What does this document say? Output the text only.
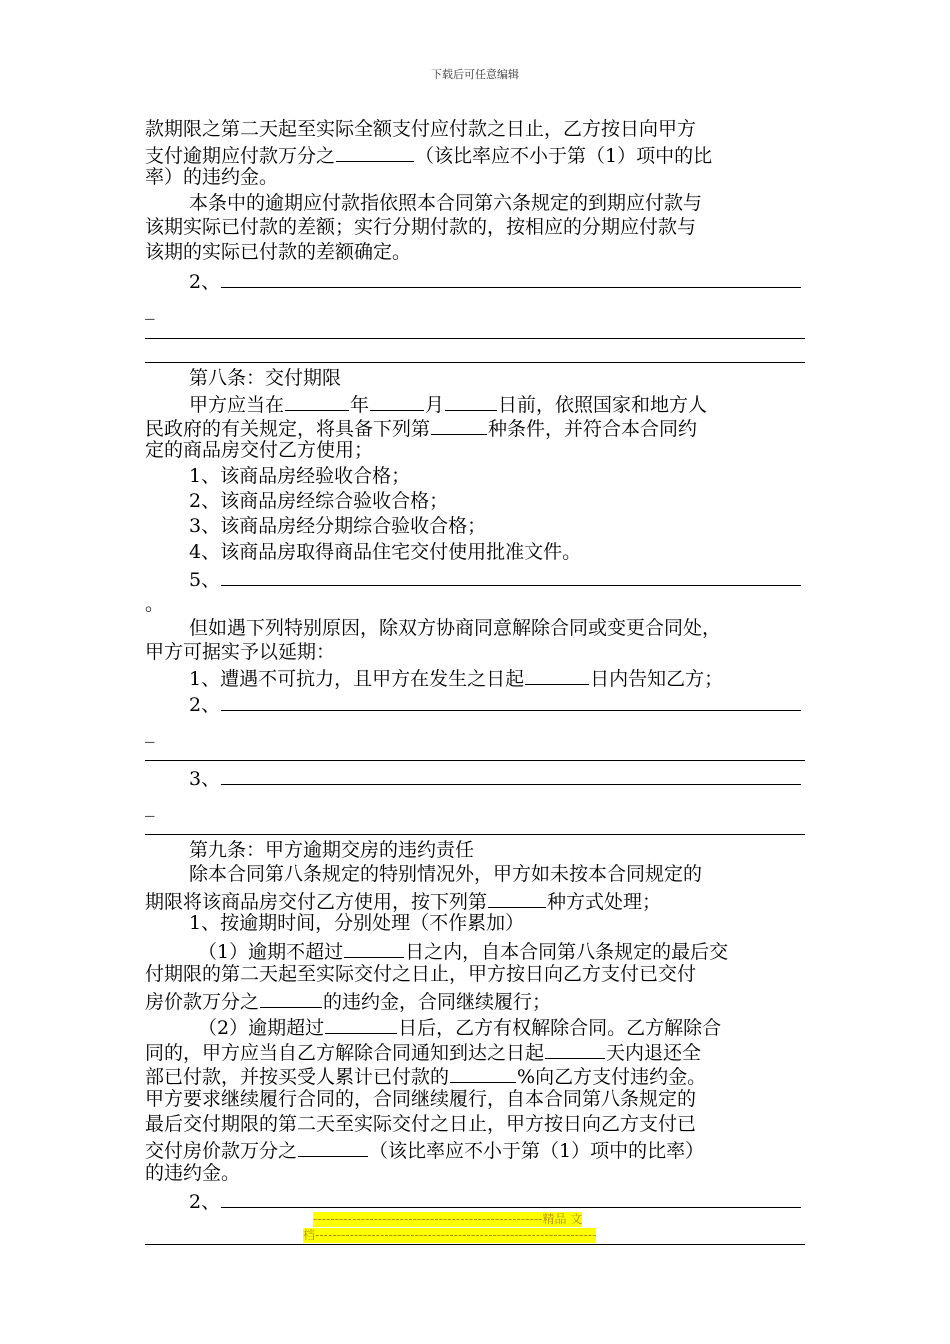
下载后可任意编辑
款期限之第二天起至实际全额支付应付款之日止，乙方按日向甲方
支付逾期应付款万分之	（该比率应不小于第（1）项中的比
率）的违约金。
本条中的逾期应付款指依照本合同第六条规定的到期应付款与
该期实际已付款的差额；实行分期付款的，按相应的分期应付款与
该期的实际已付款的差额确定。
2、
_
第八条：交付期限
甲方应当在	年	月	日前，依照国家和地方人
民政府的有关规定，将具备下列第	种条件，并符合本合同约
定的商品房交付乙方使用；
1、该商品房经验收合格；
2、该商品房经综合验收合格；
3、该商品房经分期综合验收合格；
4、该商品房取得商品住宅交付使用批准文件。
5、
。
但如遇下列特别原因，除双方协商同意解除合同或变更合同处，
甲方可据实予以延期：
1、遭遇不可抗力，且甲方在发生之日起	日内告知乙方；
2、
_
3、
_
第九条：甲方逾期交房的违约责任
除本合同第八条规定的特别情况外，甲方如未按本合同规定的
期限将该商品房交付乙方使用，按下列第	种方式处理；
1、按逾期时间，分别处理（不作累加）
（1）逾期不超过	日之内，自本合同第八条规定的最后交
付期限的第二天起至实际交付之日止，甲方按日向乙方支付已交付
房价款万分之	的违约金，合同继续履行；
（2）逾期超过	日后，乙方有权解除合同。乙方解除合
同的，甲方应当自乙方解除合同通知到达之日起	天内退还全
部已付款，并按买受人累计已付款的	%向乙方支付违约金。
甲方要求继续履行合同的，合同继续履行，自本合同第八条规定的
最后交付期限的第二天至实际交付之日止，甲方按日向乙方支付已
交付房价款万分之	（该比率应不小于第（1）项中的比率）
的违约金。
2、
-----------------------------------------------------精品 文
档-----------------------------------------------------------------
